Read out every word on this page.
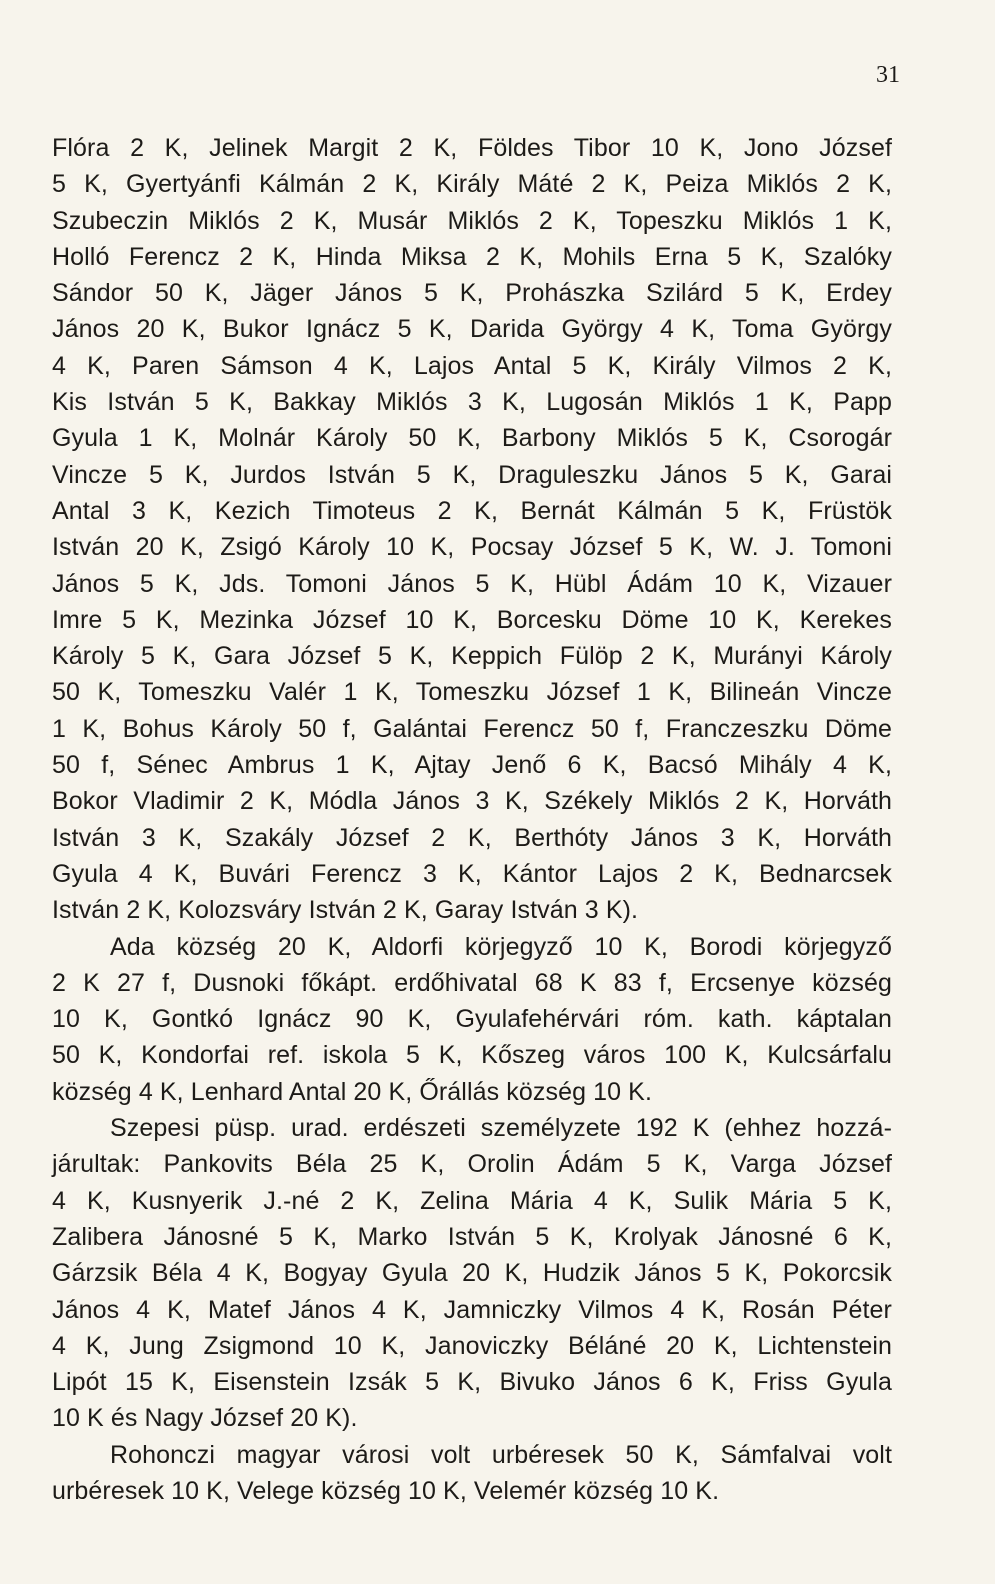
31
Flóra 2 K, Jelinek Margit 2 K, Földes Tibor 10 K, Jono József
5 K, Gyertyánfi Kálmán 2 K, Király Máté 2 K, Peiza Miklós 2 K,
Szubeczin Miklós 2 K, Musár Miklós 2 K, Topeszku Miklós 1 K,
Holló Ferencz 2 K, Hinda Miksa 2 K, Mohils Erna 5 K, Szalóky
Sándor 50 K, Jäger János 5 K, Prohászka Szilárd 5 K, Erdey
János 20 K, Bukor Ignácz 5 K, Darida György 4 K, Toma György
4 K, Paren Sámson 4 K, Lajos Antal 5 K, Király Vilmos 2 K,
Kis István 5 K, Bakkay Miklós 3 K, Lugosán Miklós 1 K, Papp
Gyula 1 K, Molnár Károly 50 K, Barbony Miklós 5 K, Csorogár
Vincze 5 K, Jurdos István 5 K, Draguleszku János 5 K, Garai
Antal 3 K, Kezich Timoteus 2 K, Bernát Kálmán 5 K, Früstök
István 20 K, Zsigó Károly 10 K, Pocsay József 5 K, W. J. Tomoni
János 5 K, Jds. Tomoni János 5 K, Hübl Ádám 10 K, Vizauer
Imre 5 K, Mezinka József 10 K, Borcesku Döme 10 K, Kerekes
Károly 5 K, Gara József 5 K, Keppich Fülöp 2 K, Murányi Károly
50 K, Tomeszku Valér 1 K, Tomeszku József 1 K, Bilineán Vincze
1 K, Bohus Károly 50 f, Galántai Ferencz 50 f, Franczeszku Döme
50 f, Sénec Ambrus 1 K, Ajtay Jenő 6 K, Bacsó Mihály 4 K,
Bokor Vladimir 2 K, Módla János 3 K, Székely Miklós 2 K, Horváth
István 3 K, Szakály József 2 K, Berthóty János 3 K, Horváth
Gyula 4 K, Buvári Ferencz 3 K, Kántor Lajos 2 K, Bednarcsek
István 2 K, Kolozsváry István 2 K, Garay István 3 K).
Ada község 20 K, Aldorfi körjegyző 10 K, Borodi körjegyző
2 K 27 f, Dusnoki főkápt. erdőhivatal 68 K 83 f, Ercsenye község
10 K, Gontkó Ignácz 90 K, Gyulafehérvári róm. kath. káptalan
50 K, Kondorfai ref. iskola 5 K, Kőszeg város 100 K, Kulcsárfalu
község 4 K, Lenhard Antal 20 K, Őrállás község 10 K.
Szepesi püsp. urad. erdészeti személyzete 192 K (ehhez hozzá-
járultak: Pankovits Béla 25 K, Orolin Ádám 5 K, Varga József
4 K, Kusnyerik J.-né 2 K, Zelina Mária 4 K, Sulik Mária 5 K,
Zalibera Jánosné 5 K, Marko István 5 K, Krolyak Jánosné 6 K,
Gárzsik Béla 4 K, Bogyay Gyula 20 K, Hudzik János 5 K, Pokorcsik
János 4 K, Matef János 4 K, Jamniczky Vilmos 4 K, Rosán Péter
4 K, Jung Zsigmond 10 K, Janoviczky Béláné 20 K, Lichtenstein
Lipót 15 K, Eisenstein Izsák 5 K, Bivuko János 6 K, Friss Gyula
10 K és Nagy József 20 K).
Rohonczi magyar városi volt urbéresek 50 K, Sámfalvai volt
urbéresek 10 K, Velege község 10 K, Velemér község 10 K.
